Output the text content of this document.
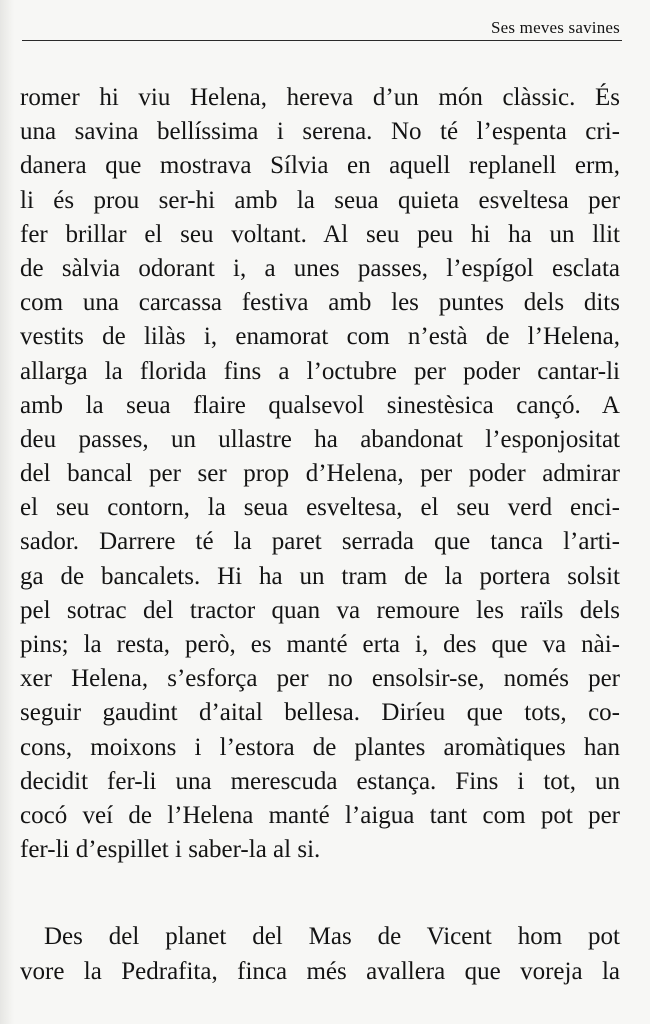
Ses meves savines
romer hi viu Helena, hereva d’un món clàssic. És
una savina bellíssima i serena. No té l’espenta cri-
danera que mostrava Sílvia en aquell replanell erm,
li és prou ser-hi amb la seua quieta esveltesa per
fer brillar el seu voltant. Al seu peu hi ha un llit
de sàlvia odorant i, a unes passes, l’espígol esclata
com una carcassa festiva amb les puntes dels dits
vestits de lilàs i, enamorat com n’està de l’Helena,
allarga la florida fins a l’octubre per poder cantar-li
amb la seua flaire qualsevol sinestèsica cançó. A
deu passes, un ullastre ha abandonat l’esponjositat
del bancal per ser prop d’Helena, per poder admirar
el seu contorn, la seua esveltesa, el seu verd enci-
sador. Darrere té la paret serrada que tanca l’arti-
ga de bancalets. Hi ha un tram de la portera solsit
pel sotrac del tractor quan va remoure les raïls dels
pins; la resta, però, es manté erta i, des que va nài-
xer Helena, s’esforça per no ensolsir-se, només per
seguir gaudint d’aital bellesa. Diríeu que tots, co-
cons, moixons i l’estora de plantes aromàtiques han
decidit fer-li una merescuda estança. Fins i tot, un
cocó veí de l’Helena manté l’aigua tant com pot per
fer-li d’espillet i saber-la al si.
Des del planet del Mas de Vicent hom pot
vore la Pedrafita, finca més avallera que voreja la
